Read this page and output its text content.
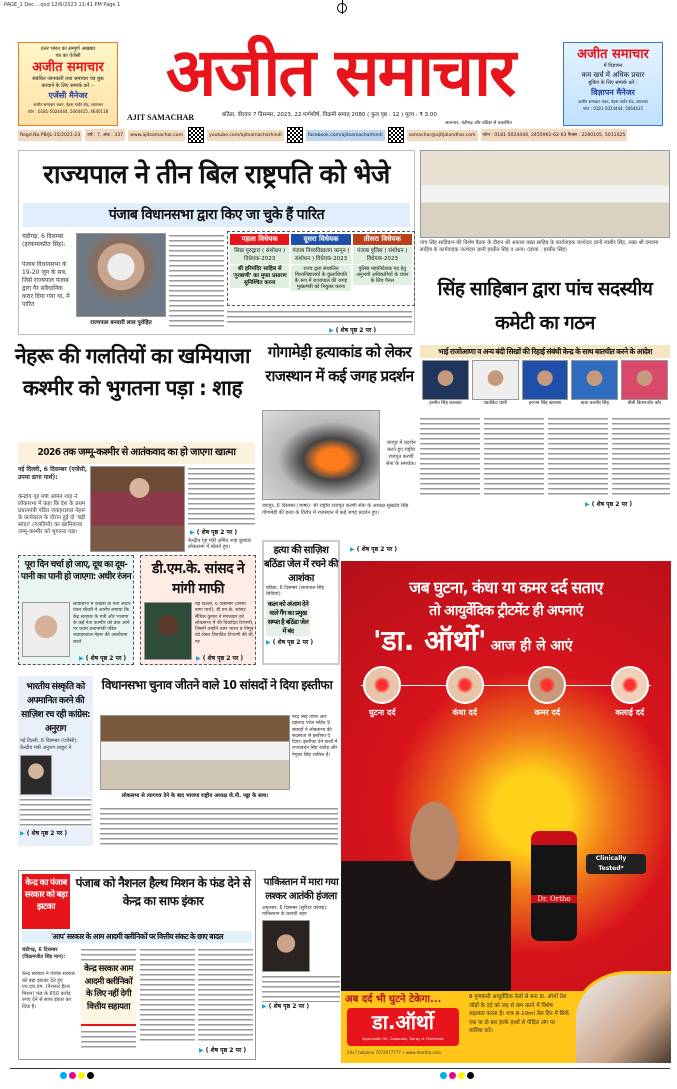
PAGE_1 Dec ...qxd 12/6/2023 11:41 PM Page 1
उत्तर भारत का सम्पूर्ण अखबार
पत्र का ऐजेंसी
अजीत समाचार
संबंधित जानकारी तथा समाचार पत्र बुक
करवाने के लिए सम्पर्क करें :-
एजेंसी मैनेजर
अजीत समाचार भवन, नेहरू गार्डन रोड, जालन्धर
फोन : 0181-5024444, 5064415, 4640118
अजीत समाचार
AJIT SAMACHAR	बठिंडा, वीरवार 7 दिसम्बर, 2023, 22 मार्गशीर्ष, विक्रमी सम्वत् 2080 ( कुल पृष्ठ : 12 ) मूल्य : ₹ 3.00
जालन्धर, चंडीगढ़ और बठिंडा से प्रकाशित
अजीत समाचार
में विज्ञापन
कम खर्च में अधिक प्रचार
बुकिंग के लिए सम्पर्क करें :
विज्ञापन मैनेजर
अजीत समाचार भवन, नेहरू गार्डन रोड, जालन्धर
फोन : 0181-5024444, 5064415
Regd.No.PB/JL-15/2021-23	वर्ष : 7, अंक : 337	www.ajitsamachar.com	youtube.com/ajitsamacharhindi	facebook.com/ajitsamacharhindi	samachar@ajitjalandhar.com	फोन : 0181-5024444, 2455961-62-63 फैक्स : 2280105, 5011025
राज्यपाल ने तीन बिल राष्ट्रपति को भेजे
पंजाब विधानसभा द्वारा किए जा चुके हैं पारित
चंडीगढ़, 6 दिसम्बर (हरकमलप्रीत सिंह):
पंजाब विधानसभा के 19-20 जून के सत्र, जिसे राज्यपाल पंजाब द्वारा गैर संवैधानिक करार दिया गया था, में पारित
राज्यपाल बनवारी लाल पुरोहित
पहला विधेयक
सिख गुरुद्वारा ( संशोधन ) विधेयक-2023
श्री हरिमंदिर साहिब से 'गुरबाणी' का मुफ्त प्रसारण सुनिश्चित करना
दूसरा विधेयक
पंजाब विश्वविद्यालय कानून ( संशोधन ) विधेयक-2023
राज्य द्वारा संचालित विश्वविद्यालयों के कुलाधिपति के रूप में राज्यपाल की जगह मुख्यमंत्री को नियुक्त करना
तीसरा विधेयक
पंजाब पुलिस ( संशोधन ) विधेयक-2023
पुलिस महानिदेशक पद हेतु अनुभवी अधिकारियों के चयन के लिए पैनल
▶ ( शेष पृष्ठ 2 पर )
पांच सिंह साहिबान की विशेष बैठक के दौरान श्री अकाल तख्त साहिब के कार्यवाहक जत्थेदार ज्ञानी रघबीर सिंह, तख्त श्री दमदमा साहिब के कार्यवाहक जत्थेदार ज्ञानी हरप्रीत सिंह व अन्य। (छाया : हरप्रीत सिंह)
सिंह साहिबान द्वारा पांच सदस्यीय कमेटी का गठन
भाई राजोआणा व अन्य बंदी सिखों की रिहाई संबंधी केन्द्र के साथ बातचीत करने के आदेश
हरमीत सिंह कालका	एडवोकेट धामी	हरनाम सिंह खालसा	बाबा बलबीर सिंह	बीबी किरणजोत कौर
▶ ( शेष पृष्ठ 2 पर )
नेहरू की गलतियों का खमियाजा कश्मीर को भुगतना पड़ा : शाह
2026 तक जम्मू-कश्मीर से आतंकवाद का हो जाएगा खात्मा
नई दिल्ली, 6 दिसम्बर (एजेंसी, उपमा डागा पार्थ):
केन्द्रीय गृह मंत्री अमित शाह ने लोकसभा में कहा कि देश के प्रथम प्रधानमंत्री पंडित जवाहरलाल नेहरू के कार्यकाल के दौरान हुई दो 'बड़ी ब्लंडर' (गलतियों) का खामियाजा जम्मू-कश्मीर को भुगतना पड़ा।	▶ ( शेष पृष्ठ 2 पर )
केन्द्रीय गृह मंत्री अमित शाह बुधवार लोकसभा में बोलते हुए।
गोगामेड़ी हत्याकांड को लेकर राजस्थान में कई जगह प्रदर्शन
जयपुर में प्रदर्शन करते हुए राष्ट्रीय राजपूत करणी सेना के समर्थक।
जयपुर, 6 दिसम्बर (भाषा): श्री राष्ट्रीय राजपूत करणी सेना के अध्यक्ष सुखदेव सिंह गोगामेड़ी की हत्या के विरोध में राजस्थान में कई जगह प्रदर्शन हुए।
▶ ( शेष पृष्ठ 2 पर )
पूरा दिन चर्चा हो जाए, दूध का दूध-पानी का पानी हो जाएगा: अधीर रंजन
लोकसभा में कांग्रेस के नेता अधीर रंजन चौधरी ने आरोप लगाया कि केंद्र सरकार के मंत्री और भाजपा के कई नेता कश्मीर को बात आने पर प्रथम प्रधानमंत्री पंडित जवाहरलाल नेहरू की आलोचना करते
▶ ( शेष पृष्ठ 2 पर )
डी.एम.के. सांसद ने मांगी माफी
नई दिल्ली, 6 दिसम्बर (उपमा डागा पार्थ): डी.एम.के. सांसद सैंथिल कुमार ने मंगलवार को लोकसभा में की विवादित टिप्पणी, जिसमें उन्होंने उत्तर भारत व गोमूत्र को लेकर विवादित टिप्पणी की थी, पर
▶ ( शेष पृष्ठ 2 पर )
हत्या की साज़िश बठिंडा जेल में रचने की आशंका
बठिंडा, 6 दिसम्बर (सत्यपाल सिंह सिवियां):
कत्ल को अंजाम देने वाले गैंग का प्रमुख सम्पत है बठिंडा जेल में बंद
▶ ( शेष पृष्ठ 2 पर )
भारतीय संस्कृति को अपमानित करने की साज़िश रच रही कांग्रेस: अनुराग
नई दिल्ली, 6 दिसम्बर (एजेंसी): केन्द्रीय मंत्री अनुराग ठाकुर ने
▶ ( शेष पृष्ठ 2 पर )
विधानसभा चुनाव जीतने वाले 10 सांसदों ने दिया इस्तीफा
नरेंद्र सिंह तोमर और प्रहलाद पटेल सहित 9 सांसदों ने लोकसभा की सदस्यता से इस्तीफा दे दिया। इस्तीफा देने वालों में राज्यवर्धन सिंह राठौड़ और रेणुका सिंह शामिल हैं।
लोकसभा से त्यागपत्र देने के बाद भाजपा राष्ट्रीय अध्यक्ष जे.पी. नड्डा के साथ।
केन्द्र का पंजाब सरकार को बड़ा झटका
पंजाब को नैशनल हैल्थ मिशन के फंड देने से केन्द्र का साफ इंकार
'आप' सरकार के आम आदमी क्लीनिकों पर वित्तीय संकट के छाए बादल
चंडीगढ़, 6 दिसम्बर (विक्रमजीत सिंह मान):
केन्द्र सरकार ने पंजाब सरकार को बड़ा झटका देते हुए एन.एच.एम. (नैशनल हैल्थ मिशन) फंड के 650 करोड़ रुपए देने से साफ इंकार कर दिया है।
केन्द्र सरकार आम आदमी क्लीनिकों के लिए नहीं देगी वित्तीय सहायता
▶ ( शेष पृष्ठ 2 पर )
पाकिस्तान में मारा गया लश्कर आतंकी हंजला
अमृतसर, 6 दिसम्बर (सुरिंदर कोछड़): पाकिस्तान के कराची शहर
▶ ( शेष पृष्ठ 2 पर )
जब घुटना, कंधा या कमर दर्द सताए
तो आयुर्वेदिक ट्रीटमेंट ही अपनाएं
'डा. ऑर्थो' आज ही ले आएं
घुटना दर्द	कंधा दर्द	कमर दर्द	कलाई दर्द
Dr. Ortho
Clinically Tested*
अब दर्द भी घुटने टेकेगा...
डा.ऑर्थो
Ayurvedic Oil, Capsules, Spray & Ointment
24x7 helpline 7072077777 • www.drortho.com
8 गुणकारी आयुर्वेदिक तेलों से बना डा. ऑर्थो तेल जोड़ों के दर्द को जड़ से कम करने में विशेष सहायता करता है। मात्र 8-10ml तेल दिन में सिर्फ एक या दो बार हल्के हाथों से पीड़ित अंग पर मालिश करें।
